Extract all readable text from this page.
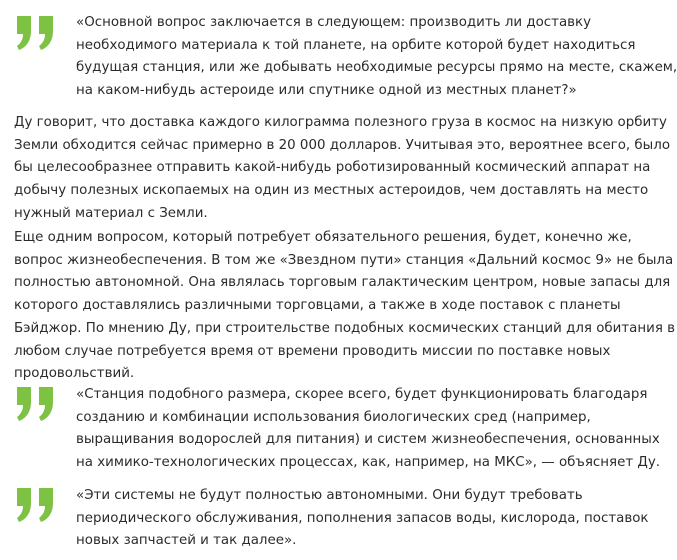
«Основной вопрос заключается в следующем: производить ли доставку
необходимого материала к той планете, на орбите которой будет находиться
будущая станция, или же добывать необходимые ресурсы прямо на месте, скажем,
на каком-нибудь астероиде или спутнике одной из местных планет?»
Ду говорит, что доставка каждого килограмма полезного груза в космос на низкую орбиту
Земли обходится сейчас примерно в 20 000 долларов. Учитывая это, вероятнее всего, было
бы целесообразнее отправить какой-нибудь роботизированный космический аппарат на
добычу полезных ископаемых на один из местных астероидов, чем доставлять на место
нужный материал с Земли.
Еще одним вопросом, который потребует обязательного решения, будет, конечно же,
вопрос жизнеобеспечения. В том же «Звездном пути» станция «Дальний космос 9» не была
полностью автономной. Она являлась торговым галактическим центром, новые запасы для
которого доставлялись различными торговцами, а также в ходе поставок с планеты
Бэйджор. По мнению Ду, при строительстве подобных космических станций для обитания в
любом случае потребуется время от времени проводить миссии по поставке новых
продовольствий.
«Станция подобного размера, скорее всего, будет функционировать благодаря
созданию и комбинации использования биологических сред (например,
выращивания водорослей для питания) и систем жизнеобеспечения, основанных
на химико-технологических процессах, как, например, на МКС», — объясняет Ду.
«Эти системы не будут полностью автономными. Они будут требовать
периодического обслуживания, пополнения запасов воды, кислорода, поставок
новых запчастей и так далее».
